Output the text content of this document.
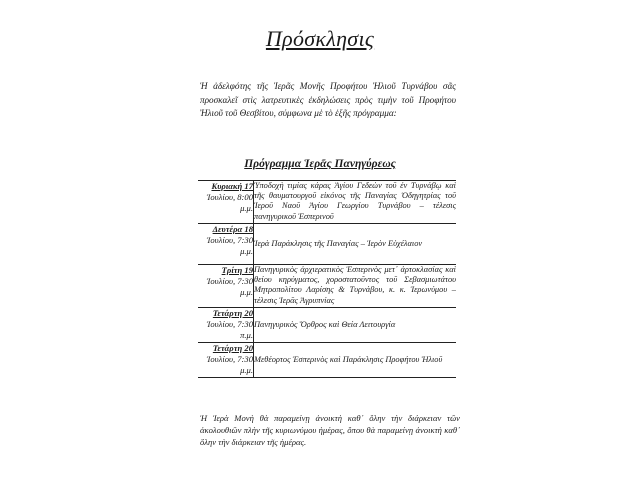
Πρόσκλησις
Ἡ ἀδελφότης τῆς Ἱερᾶς Μονῆς Προφήτου Ἠλιοῦ Τυρνάβου σᾶς προσκαλεῖ στὶς λατρευτικὲς ἐκδηλώσεις πρὸς τιμὴν τοῦ Προφήτου Ἠλιοῦ τοῦ Θεσβίτου, σύμφωνα μὲ τὸ ἑξῆς πρόγραμμα:
Πρόγραμμα Ἱερᾶς Πανηγύρεως
Κυριακή 17
Ἰουλίου, 8:00
μ.μ.	Ὑποδοχὴ τιμίας κάρας Ἁγίου Γεδεὼν τοῦ ἐν Τυρνάβῳ καὶ τῆς θαυματουργοῦ εἰκόνος τῆς Παναγίας Ὁδηγητρίας τοῦ Ἱεροῦ Ναοῦ Ἁγίου Γεωργίου Τυρνάβου – τέλεσις πανηγυρικοῦ Ἑσπερινοῦ

Δευτέρα 18
Ἰουλίου, 7:30
μ.μ.	Ἱερὰ Παράκλησις τῆς Παναγίας – Ἱερὸν Εὐχέλαιον

Τρίτη 19
Ἰουλίου, 7:30
μ.μ.	Πανηγυρικὸς ἀρχιερατικὸς Ἑσπερινὸς μετ᾽ ἀρτοκλασίας καὶ θείου κηρύγματος, χοροστατοῦντος τοῦ Σεβασμιωτάτου Μητροπολίτου Λαρίσης & Τυρνάβου, κ. κ. Ἱερωνύμου – τέλεσις Ἱερᾶς Ἀγρυπνίας

Τετάρτη 20
Ἰουλίου, 7:30
π.μ.	Πανηγυρικὸς Ὄρθρος καὶ Θεία Λειτουργία

Τετάρτη 20
Ἰουλίου, 7:30
μ.μ.	Μεθέορτος Ἑσπερινὸς καὶ Παράκλησις Προφήτου Ἠλιοῦ
Ἡ Ἱερὰ Μονὴ θὰ παραμείνῃ ἀνοικτὴ καθ᾽ ὅλην τὴν διάρκειαν τῶν ἀκολουθιῶν πλὴν τῆς κυριωνύμου ἡμέρας, ὅπου θὰ παραμείνῃ ἀνοικτὴ καθ᾽ ὅλην τὴν διάρκειαν τῆς ἡμέρας.
